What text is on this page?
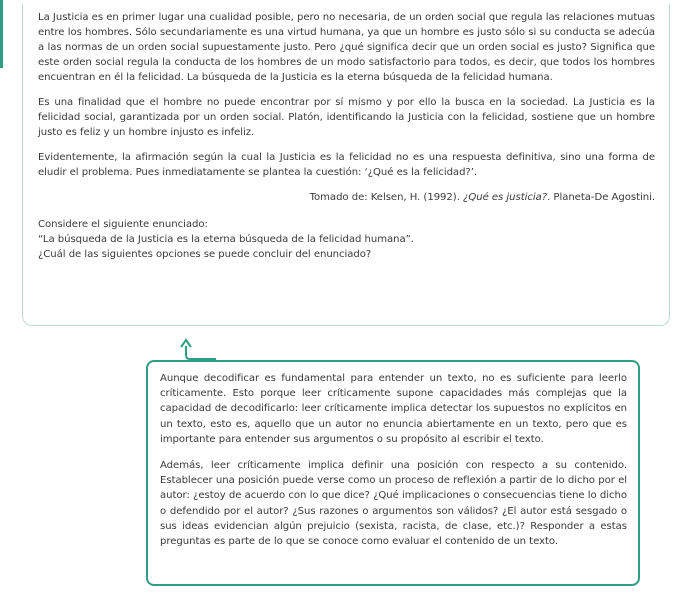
La Justicia es en primer lugar una cualidad posible, pero no necesaria, de un orden social que regula las relaciones mutuas entre los hombres. Sólo secundariamente es una virtud humana, ya que un hombre es justo sólo si su conducta se adecúa a las normas de un orden social supuestamente justo. Pero ¿qué significa decir que un orden social es justo? Significa que este orden social regula la conducta de los hombres de un modo satisfactorio para todos, es decir, que todos los hombres encuentran en él la felicidad. La búsqueda de la Justicia es la eterna búsqueda de la felicidad humana.

Es una finalidad que el hombre no puede encontrar por sí mismo y por ello la busca en la sociedad. La Justicia es la felicidad social, garantizada por un orden social. Platón, identificando la Justicia con la felicidad, sostiene que un hombre justo es feliz y un hombre injusto es infeliz.

Evidentemente, la afirmación según la cual la Justicia es la felicidad no es una respuesta definitiva, sino una forma de eludir el problema. Pues inmediatamente se plantea la cuestión: ‘¿Qué es la felicidad?’.

Tomado de: Kelsen, H. (1992). ¿Qué es justicia?. Planeta-De Agostini.

Considere el siguiente enunciado:
“La búsqueda de la Justicia es la eterna búsqueda de la felicidad humana”.
¿Cuál de las siguientes opciones se puede concluir del enunciado?

Aunque decodificar es fundamental para entender un texto, no es suficiente para leerlo críticamente. Esto porque leer críticamente supone capacidades más complejas que la capacidad de decodificarlo: leer críticamente implica detectar los supuestos no explícitos en un texto, esto es, aquello que un autor no enuncia abiertamente en un texto, pero que es importante para entender sus argumentos o su propósito al escribir el texto.

Además, leer críticamente implica definir una posición con respecto a su contenido. Establecer una posición puede verse como un proceso de reflexión a partir de lo dicho por el autor: ¿estoy de acuerdo con lo que dice? ¿Qué implicaciones o consecuencias tiene lo dicho o defendido por el autor? ¿Sus razones o argumentos son válidos? ¿El autor está sesgado o sus ideas evidencian algún prejuicio (sexista, racista, de clase, etc.)? Responder a estas preguntas es parte de lo que se conoce como evaluar el contenido de un texto.
